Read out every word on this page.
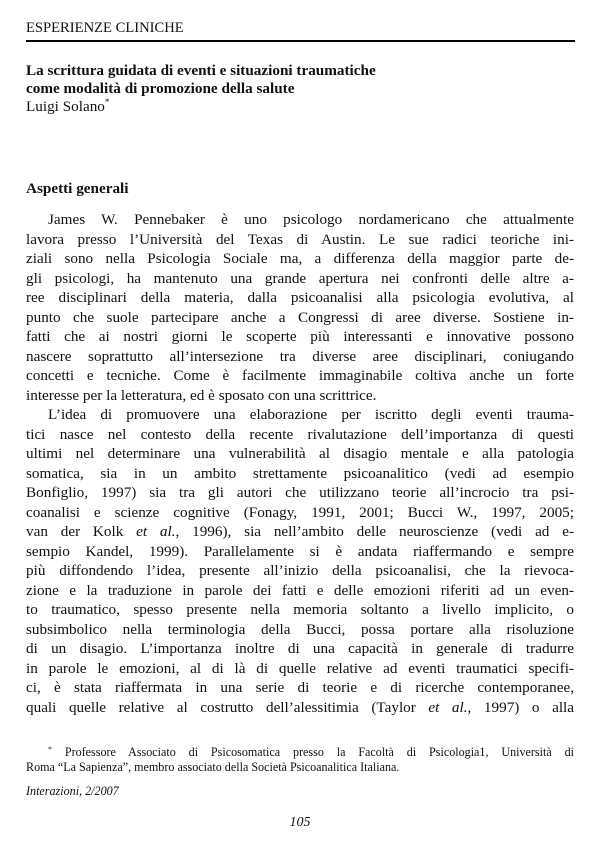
ESPERIENZE CLINICHE
La scrittura guidata di eventi e situazioni traumatiche
come modalità di promozione della salute
Luigi Solano*
Aspetti generali
James W. Pennebaker è uno psicologo nordamericano che attualmente
lavora presso l’Università del Texas di Austin. Le sue radici teoriche ini-
ziali sono nella Psicologia Sociale ma, a differenza della maggior parte de-
gli psicologi, ha mantenuto una grande apertura nei confronti delle altre a-
ree disciplinari della materia, dalla psicoanalisi alla psicologia evolutiva, al
punto che suole partecipare anche a Congressi di aree diverse. Sostiene in-
fatti che ai nostri giorni le scoperte più interessanti e innovative possono
nascere soprattutto all’intersezione tra diverse aree disciplinari, coniugando
concetti e tecniche. Come è facilmente immaginabile coltiva anche un forte
interesse per la letteratura, ed è sposato con una scrittrice.
L’idea di promuovere una elaborazione per iscritto degli eventi trauma-
tici nasce nel contesto della recente rivalutazione dell’importanza di questi
ultimi nel determinare una vulnerabilità al disagio mentale e alla patologia
somatica, sia in un ambito strettamente psicoanalitico (vedi ad esempio
Bonfiglio, 1997) sia tra gli autori che utilizzano teorie all’incrocio tra psi-
coanalisi e scienze cognitive (Fonagy, 1991, 2001; Bucci W., 1997, 2005;
van der Kolk et al., 1996), sia nell’ambito delle neuroscienze (vedi ad e-
sempio Kandel, 1999). Parallelamente si è andata riaffermando e sempre
più diffondendo l’idea, presente all’inizio della psicoanalisi, che la rievoca-
zione e la traduzione in parole dei fatti e delle emozioni riferiti ad un even-
to traumatico, spesso presente nella memoria soltanto a livello implicito, o
subsimbolico nella terminologia della Bucci, possa portare alla risoluzione
di un disagio. L’importanza inoltre di una capacità in generale di tradurre
in parole le emozioni, al di là di quelle relative ad eventi traumatici specifi-
ci, è stata riaffermata in una serie di teorie e di ricerche contemporanee,
quali quelle relative al costrutto dell’alessitimia (Taylor et al., 1997) o alla
* Professore Associato di Psicosomatica presso la Facoltà di Psicologia1, Università di
Roma “La Sapienza”, membro associato della Società Psicoanalitica Italiana.
Interazioni, 2/2007
105
